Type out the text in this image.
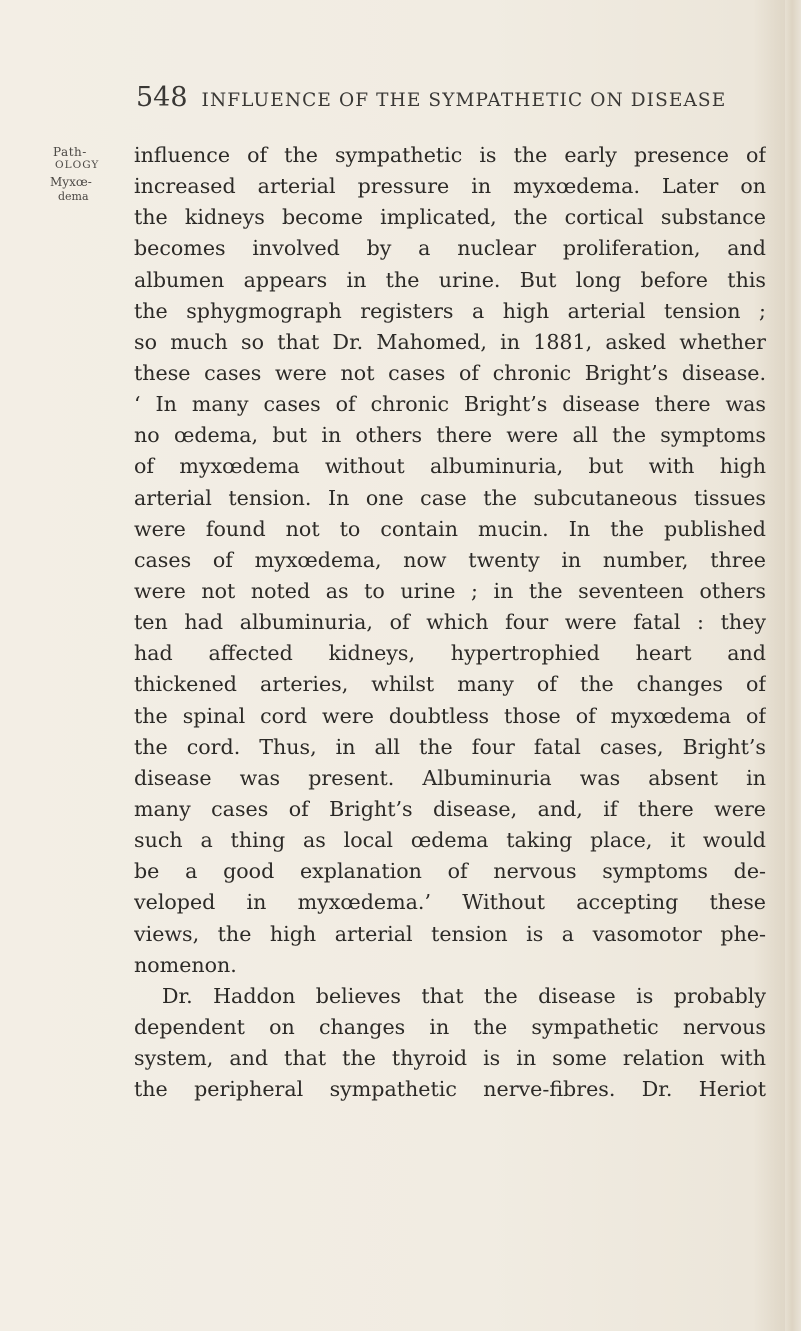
548 INFLUENCE OF THE SYMPATHETIC ON DISEASE
Path-
OLOGY
Myxœ-
dema
influence of the sympathetic is the early presence of
increased arterial pressure in myxœdema. Later on
the kidneys become implicated, the cortical substance
becomes involved by a nuclear proliferation, and
albumen appears in the urine. But long before this
the sphygmograph registers a high arterial tension ;
so much so that Dr. Mahomed, in 1881, asked whether
these cases were not cases of chronic Bright’s disease.
‘ In many cases of chronic Bright’s disease there was
no œdema, but in others there were all the symptoms
of myxœdema without albuminuria, but with high
arterial tension. In one case the subcutaneous tissues
were found not to contain mucin. In the published
cases of myxœdema, now twenty in number, three
were not noted as to urine ; in the seventeen others
ten had albuminuria, of which four were fatal : they
had affected kidneys, hypertrophied heart and
thickened arteries, whilst many of the changes of
the spinal cord were doubtless those of myxœdema of
the cord. Thus, in all the four fatal cases, Bright’s
disease was present. Albuminuria was absent in
many cases of Bright’s disease, and, if there were
such a thing as local œdema taking place, it would
be a good explanation of nervous symptoms de-
veloped in myxœdema.’ Without accepting these
views, the high arterial tension is a vasomotor phe-
nomenon.
Dr. Haddon believes that the disease is probably
dependent on changes in the sympathetic nervous
system, and that the thyroid is in some relation with
the peripheral sympathetic nerve-fibres. Dr. Heriot
